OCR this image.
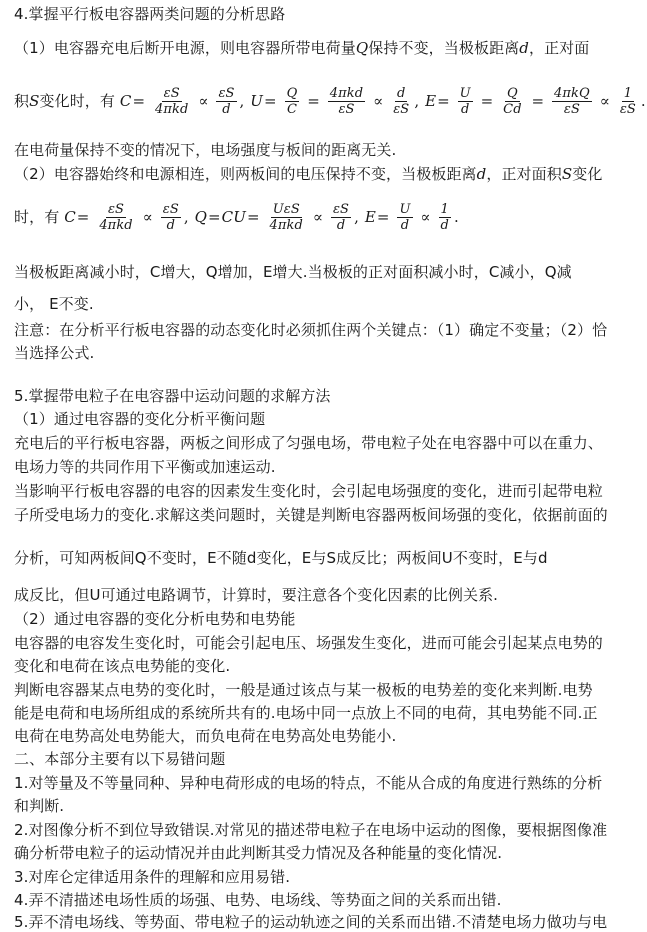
4.掌握平行板电容器两类问题的分析思路
（1）电容器充电后断开电源，则电容器所带电荷量Q保持不变，当极板距离d，正对面
积S变化时，有 $C= \frac{\varepsilon S}{\text{4πkd}} \propto \frac{\varepsilon S}{d}$ , $U= \frac{Q}{C} = \frac{\text{4πkd}}{\varepsilon S} \propto \frac{d}{\varepsilon S}$ , $E= \frac{U}{d} = \frac{Q}{Cd} = \frac{\text{4πkQ}}{\varepsilon S} \propto \frac{1}{\varepsilon S}$ .
在电荷量保持不变的情况下，电场强度与板间的距离无关.
（2）电容器始终和电源相连，则两板间的电压保持不变，当极板距离d，正对面积S变化
时，有 $C= \frac{\varepsilon S}{\text{4πkd}} \propto \frac{\varepsilon S}{d}$ , $Q=CU= \frac{\text{UεS}}{\text{4πkd}} \propto \frac{\varepsilon S}{d}$ , $E= \frac{U}{d} \propto \frac{1}{d}$ .
当极板距离减小时，C增大，Q增加，E增大.当极板的正对面积减小时，C减小，Q减
小， E不变.
注意：在分析平行板电容器的动态变化时必须抓住两个关键点：（1）确定不变量；（2）恰
当选择公式.
5.掌握带电粒子在电容器中运动问题的求解方法
（1）通过电容器的变化分析平衡问题
充电后的平行板电容器，两板之间形成了匀强电场，带电粒子处在电容器中可以在重力、
电场力等的共同作用下平衡或加速运动.
当影响平行板电容器的电容的因素发生变化时，会引起电场强度的变化，进而引起带电粒
子所受电场力的变化.求解这类问题时，关键是判断电容器两板间场强的变化，依据前面的
分析，可知两板间Q不变时，E不随d变化，E与S成反比；两板间U不变时，E与d
成反比，但U可通过电路调节，计算时，要注意各个变化因素的比例关系.
（2）通过电容器的变化分析电势和电势能
电容器的电容发生变化时，可能会引起电压、场强发生变化，进而可能会引起某点电势的
变化和电荷在该点电势能的变化.
判断电容器某点电势的变化时，一般是通过该点与某一极板的电势差的变化来判断.电势
能是电荷和电场所组成的系统所共有的.电场中同一点放上不同的电荷，其电势能不同.正
电荷在电势高处电势能大，而负电荷在电势高处电势能小.
二、本部分主要有以下易错问题
1.对等量及不等量同种、异种电荷形成的电场的特点，不能从合成的角度进行熟练的分析
和判断.
2.对图像分析不到位导致错误.对常见的描述带电粒子在电场中运动的图像，要根据图像准
确分析带电粒子的运动情况并由此判断其受力情况及各种能量的变化情况.
3.对库仑定律适用条件的理解和应用易错.
4.弄不清描述电场性质的场强、电势、电场线、等势面之间的关系而出错.
5.弄不清电场线、等势面、带电粒子的运动轨迹之间的关系而出错.不清楚电场力做功与电
